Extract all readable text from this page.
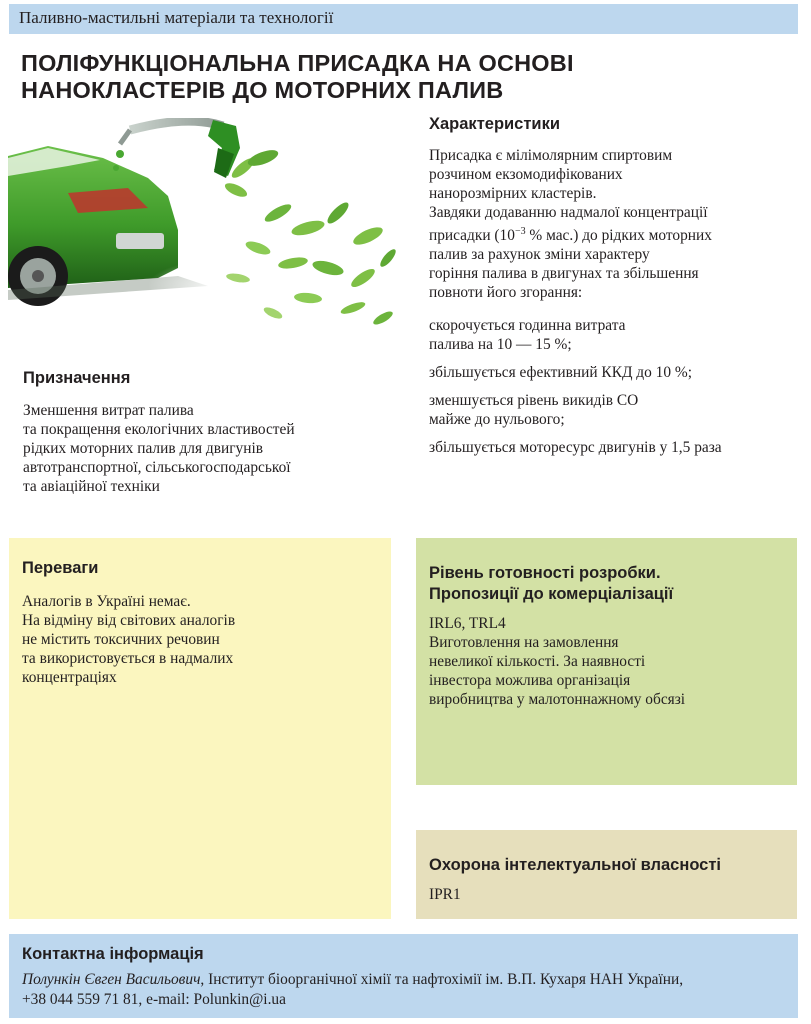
Паливно-мастильні матеріали та технології
ПОЛІФУНКЦІОНАЛЬНА ПРИСАДКА НА ОСНОВІ
НАНОКЛАСТЕРІВ ДО МОТОРНИХ ПАЛИВ
Характеристики
Присадка є мілімолярним спиртовим
розчином екзомодифікованих
нанорозмірних кластерів.
Завдяки додаванню надмалої концентрації
присадки ($10^{-3}$ % мас.) до рідких моторних
палив за рахунок зміни характеру
горіння палива в двигунах та збільшення
повноти його згорання:
скорочується годинна витрата
палива на 10 — 15 %;
збільшується ефективний ККД до 10 %;
зменшується рівень викидів CO
майже до нульового;
збільшується моторесурс двигунів у 1,5 раза
Призначення
Зменшення витрат палива
та покращення екологічних властивостей
рідких моторних палив для двигунів
автотранспортної, сільськогосподарської
та авіаційної техніки
Переваги
Аналогів в Україні немає.
На відміну від світових аналогів
не містить токсичних речовин
та використовується в надмалих
концентраціях
Рівень готовності розробки.
Пропозиції до комерціалізації
IRL6, TRL4
Виготовлення на замовлення
невеликої кількості. За наявності
інвестора можлива організація
виробництва у малотоннажному обсязі
Охорона інтелектуальної власності
IPR1
Контактна інформація
Полункін Євген Васильович, Інститут біоорганічної хімії та нафтохімії ім. В.П. Кухаря НАН України,
+38 044 559 71 81, e-mail: Polunkin@i.ua
